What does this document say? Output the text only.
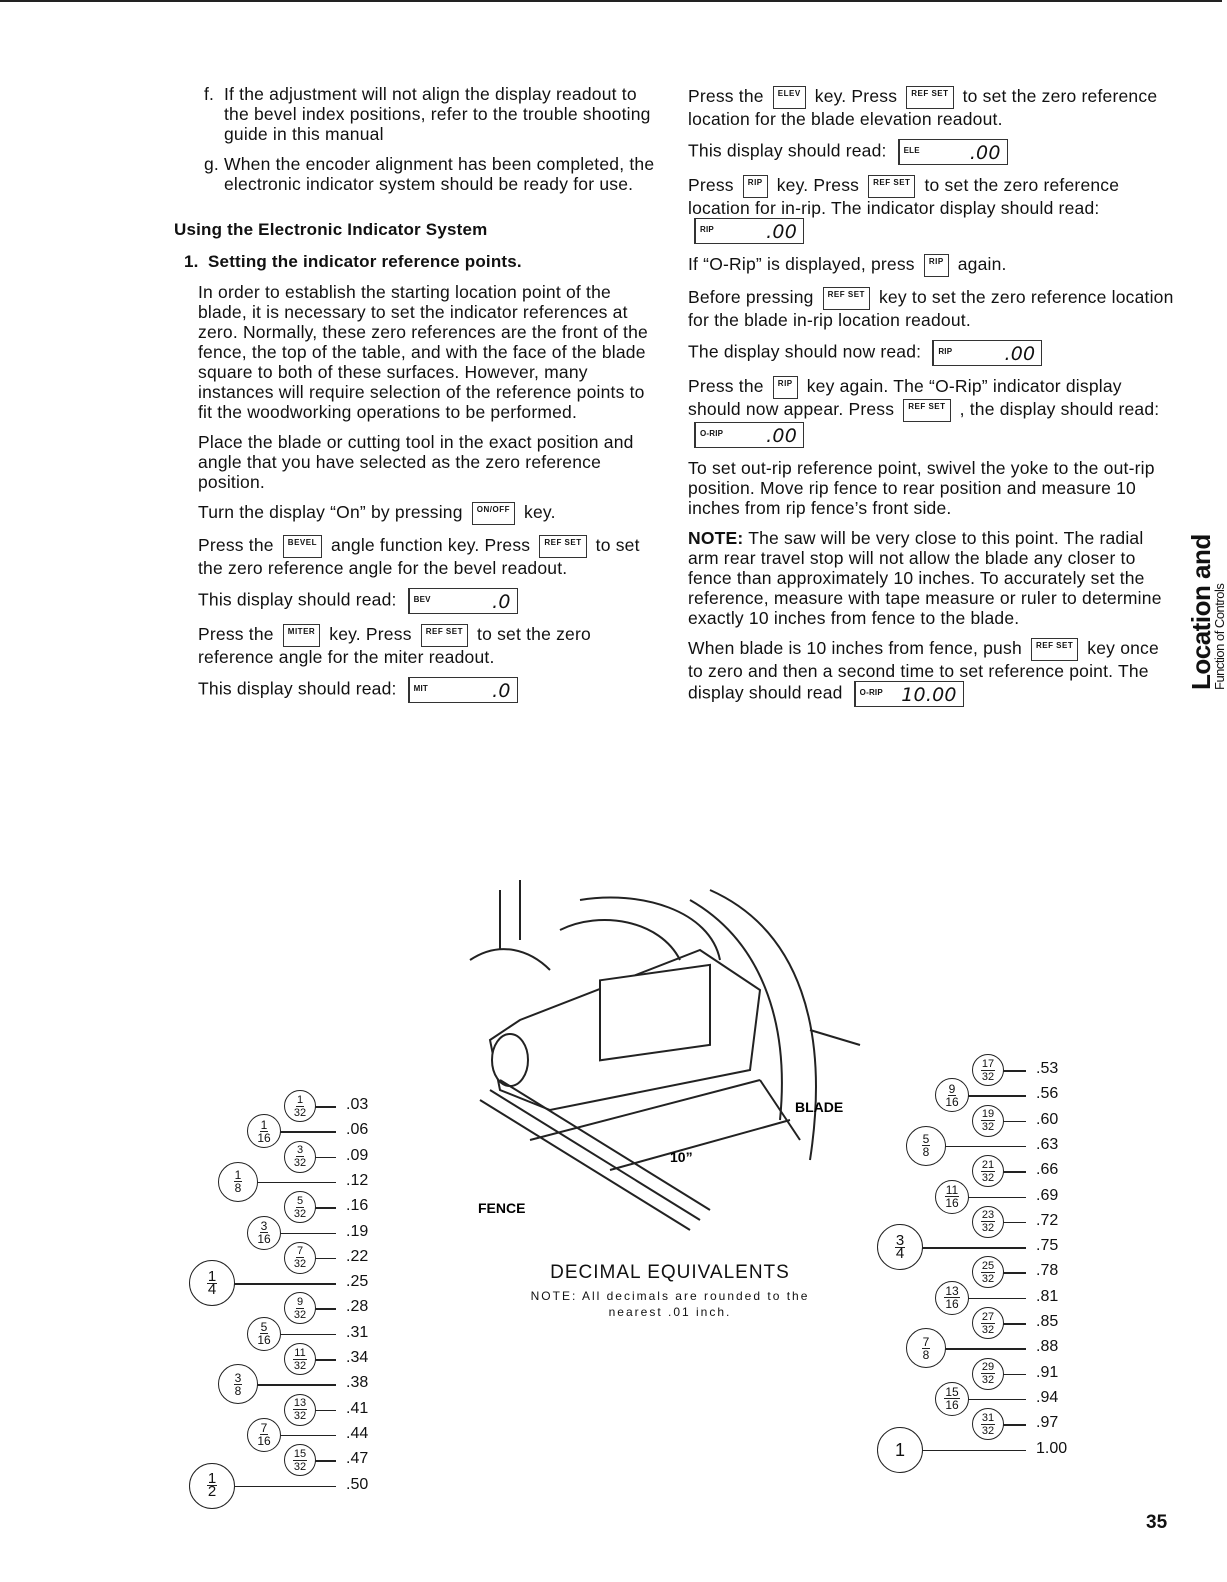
f. If the adjustment will not align the display readout to the bevel index positions, refer to the trouble shooting guide in this manual
g. When the encoder alignment has been completed, the electronic indicator system should be ready for use.
Using the Electronic Indicator System
1. Setting the indicator reference points.

In order to establish the starting location point of the blade, it is necessary to set the indicator references at zero. Normally, these zero references are the front of the fence, the top of the table, and with the face of the blade square to both of these surfaces. However, many instances will require selection of the reference points to fit the woodworking operations to be performed.

Place the blade or cutting tool in the exact position and angle that you have selected as the zero reference position.

Turn the display “On” by pressing ON/OFF key.
Press the BEVEL angle function key. Press REF SET to set the zero reference angle for the bevel readout.
This display should read: BEV	.0
Press the MITER key. Press REF SET to set the zero reference angle for the miter readout.
This display should read: MIT	.0
Press the ELEV key. Press REF SET to set the zero reference location for the blade elevation readout.
This display should read: ELE	.00
Press RIP key. Press REF SET to set the zero reference location for in-rip. The indicator display should read:
RIP	.00
If “O-Rip” is displayed, press RIP again.
Before pressing REF SET key to set the zero reference location for the blade in-rip location readout.
The display should now read: RIP	.00
Press the RIP key again. The “O-Rip” indicator display should now appear. Press REF SET , the display should read:
O-RIP .00

To set out-rip reference point, swivel the yoke to the out-rip position. Move rip fence to rear position and measure 10 inches from rip fence’s front side.

NOTE: The saw will be very close to this point. The radial arm rear travel stop will not allow the blade any closer to fence than approximately 10 inches. To accurately set the reference, measure with tape measure or ruler to determine exactly 10 inches from fence to the blade.

When blade is 10 inches from fence, push REF SET key once to zero and then a second time to set reference point. The display should read O-RIP 10.00
Location and
Function of Controls
BLADE
FENCE
10”
DECIMAL EQUIVALENTS
NOTE: All decimals are rounded to the nearest .01 inch.
$\frac{1}{32} .03$
$\frac{1}{16}$	.06
$\frac{3}{32} .09$
$\frac{1}{8}$	.12
$\frac{5}{32} .16$
$\frac{3}{16}$	.19
$\frac{7}{32} .22$
$\frac{1}{4}$	.25
$\frac{9}{32} .28$
$\frac{5}{16}$	.31
$\frac{11}{32} .34$
$\frac{3}{8}$	.38
$\frac{13}{32} .41$
$\frac{7}{16}$	.44
$\frac{15}{32} .47$
$\frac{1}{2}$	.50
$\frac{17}{32} .53$
$\frac{9}{16}$	.56
$\frac{19}{32} .60$
$\frac{5}{8}$	.63
$\frac{21}{32} .66$
$\frac{11}{16}$	.69
$\frac{23}{32} .72$
$\frac{3}{4}$	.75
$\frac{25}{32} .78$
$\frac{13}{16}$	.81
$\frac{27}{32} .85$
$\frac{7}{8}$	.88
$\frac{29}{32} .91$
$\frac{15}{16}$	.94
$\frac{31}{32} .97$
1	1.00
35
